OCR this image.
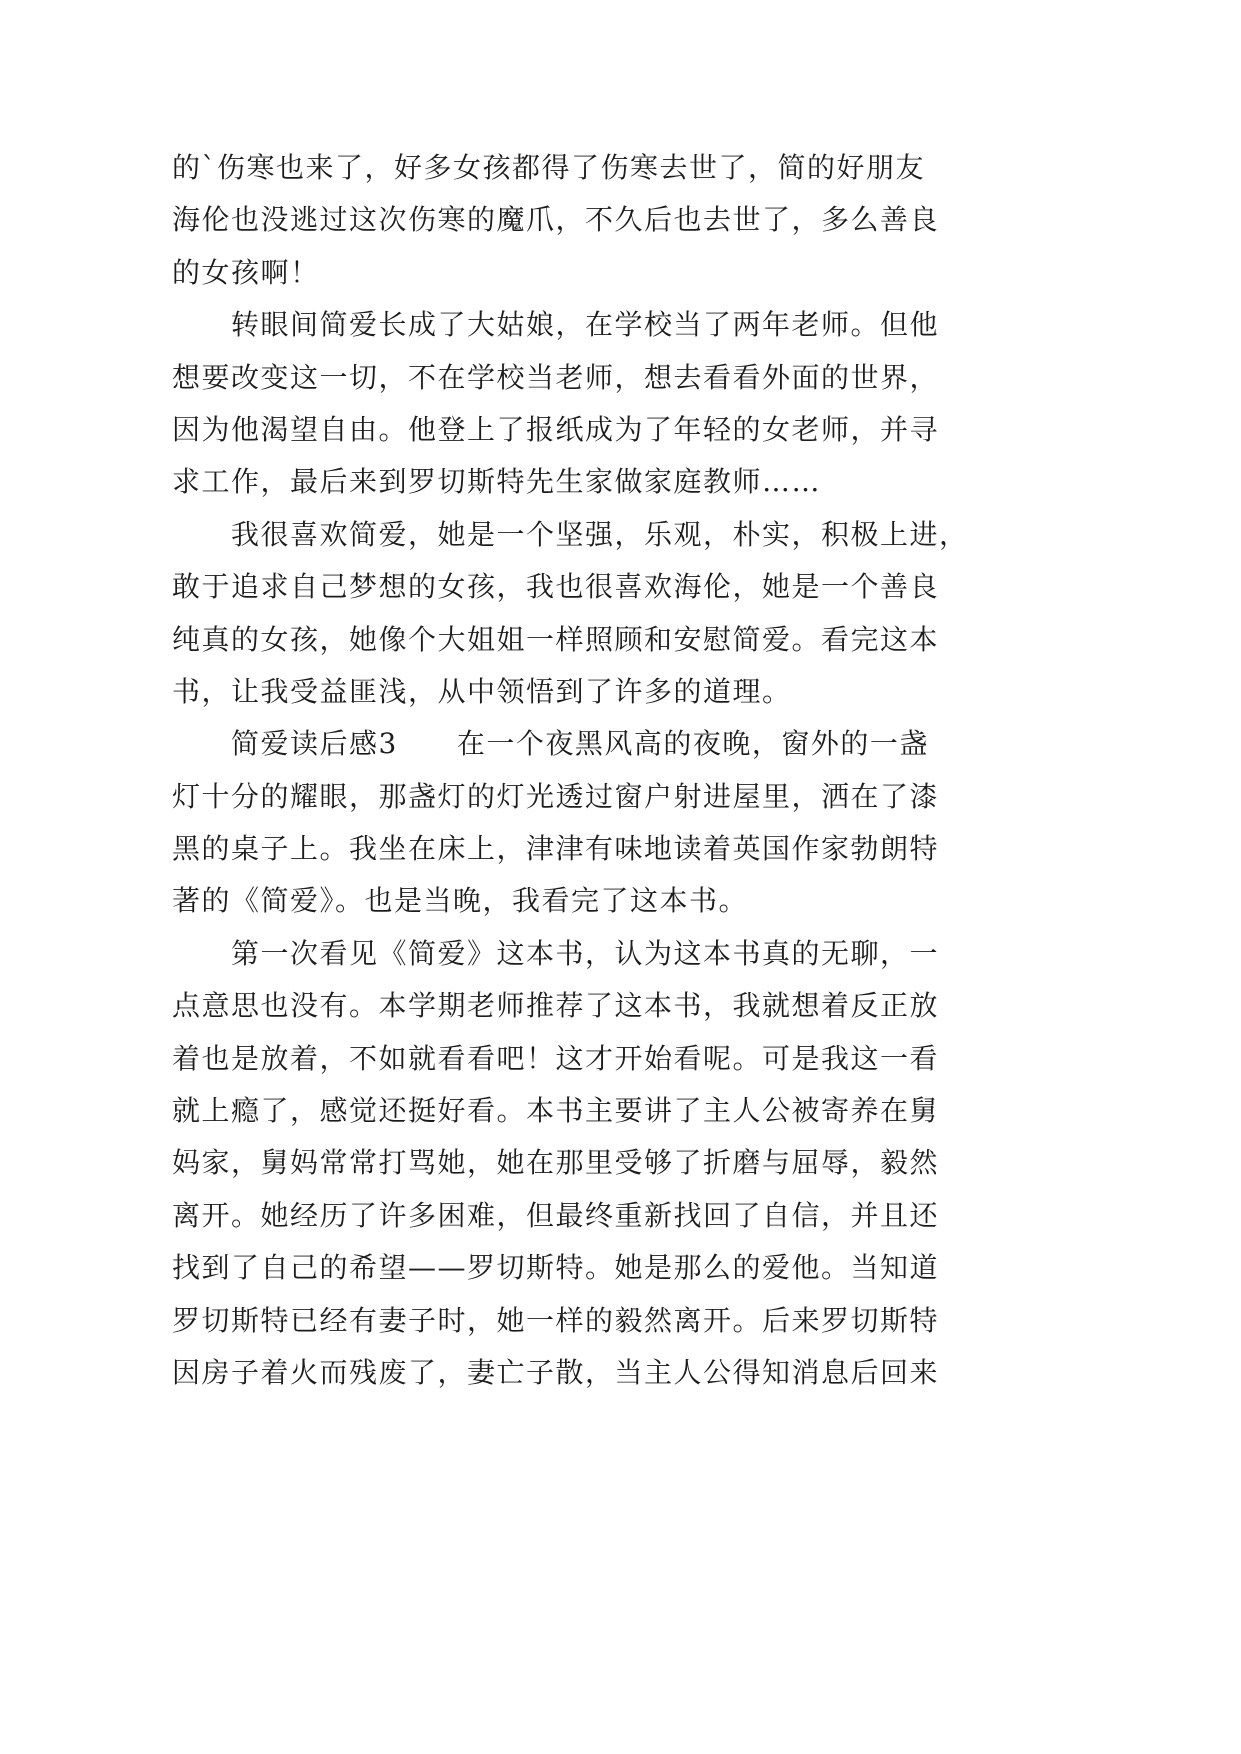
的`伤寒也来了，好多女孩都得了伤寒去世了，简的好朋友
海伦也没逃过这次伤寒的魔爪，不久后也去世了，多么善良
的女孩啊！
转眼间简爱长成了大姑娘，在学校当了两年老师。但他
想要改变这一切，不在学校当老师，想去看看外面的世界，
因为他渴望自由。他登上了报纸成为了年轻的女老师，并寻
求工作，最后来到罗切斯特先生家做家庭教师……
我很喜欢简爱，她是一个坚强，乐观，朴实，积极上进，
敢于追求自己梦想的女孩，我也很喜欢海伦，她是一个善良
纯真的女孩，她像个大姐姐一样照顾和安慰简爱。看完这本
书，让我受益匪浅，从中领悟到了许多的道理。
简爱读后感3　　在一个夜黑风高的夜晚，窗外的一盏
灯十分的耀眼，那盏灯的灯光透过窗户射进屋里，洒在了漆
黑的桌子上。我坐在床上，津津有味地读着英国作家勃朗特
著的《简爱》。也是当晚，我看完了这本书。
第一次看见《简爱》这本书，认为这本书真的无聊，一
点意思也没有。本学期老师推荐了这本书，我就想着反正放
着也是放着，不如就看看吧！这才开始看呢。可是我这一看
就上瘾了，感觉还挺好看。本书主要讲了主人公被寄养在舅
妈家，舅妈常常打骂她，她在那里受够了折磨与屈辱，毅然
离开。她经历了许多困难，但最终重新找回了自信，并且还
找到了自己的希望——罗切斯特。她是那么的爱他。当知道
罗切斯特已经有妻子时，她一样的毅然离开。后来罗切斯特
因房子着火而残废了，妻亡子散，当主人公得知消息后回来
